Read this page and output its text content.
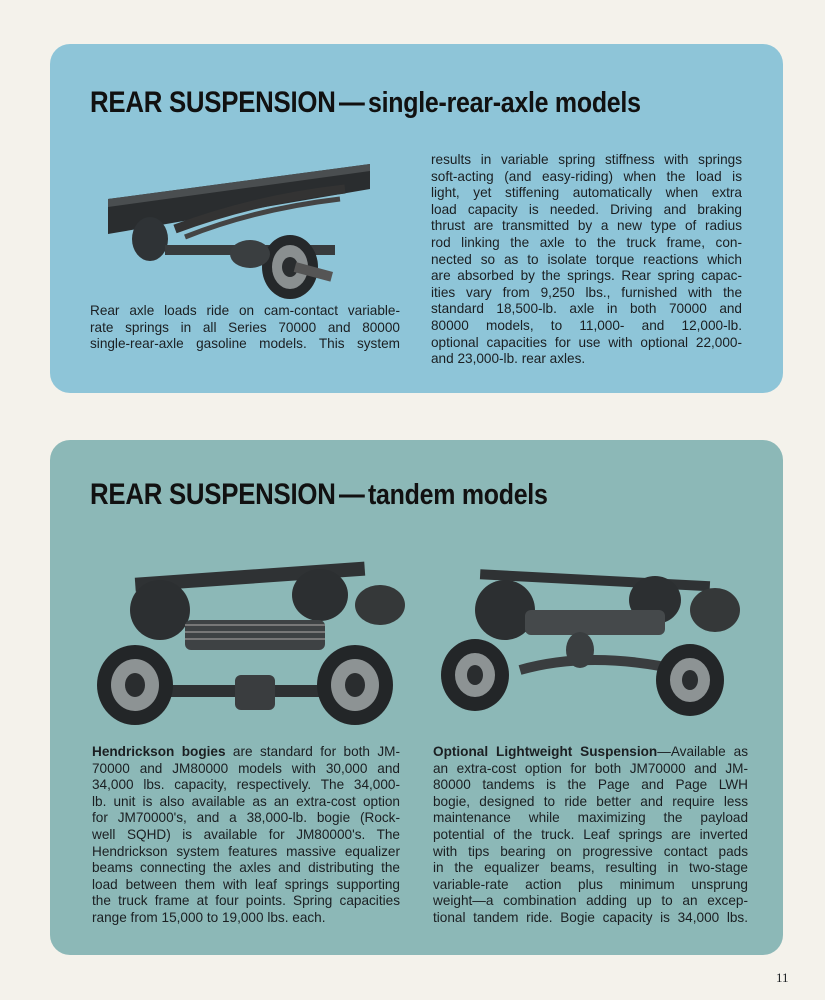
REAR SUSPENSION — single-rear-axle models
Rear axle loads ride on cam-contact variable-
rate springs in all Series 70000 and 80000
single-rear-axle gasoline models. This system
results in variable spring stiffness with springs
soft-acting (and easy-riding) when the load is
light, yet stiffening automatically when extra
load capacity is needed. Driving and braking
thrust are transmitted by a new type of radius
rod linking the axle to the truck frame, con-
nected so as to isolate torque reactions which
are absorbed by the springs. Rear spring capac-
ities vary from 9,250 lbs., furnished with the
standard 18,500-lb. axle in both 70000 and
80000 models, to 11,000- and 12,000-lb.
optional capacities for use with optional 22,000-
and 23,000-lb. rear axles.
REAR SUSPENSION — tandem models
Hendrickson bogies are standard for both JM-
70000 and JM80000 models with 30,000 and
34,000 lbs. capacity, respectively. The 34,000-
lb. unit is also available as an extra-cost option
for JM70000's, and a 38,000-lb. bogie (Rock-
well SQHD) is available for JM80000's. The
Hendrickson system features massive equalizer
beams connecting the axles and distributing the
load between them with leaf springs supporting
the truck frame at four points. Spring capacities
range from 15,000 to 19,000 lbs. each.
Optional Lightweight Suspension—Available as
an extra-cost option for both JM70000 and JM-
80000 tandems is the Page and Page LWH
bogie, designed to ride better and require less
maintenance while maximizing the payload
potential of the truck. Leaf springs are inverted
with tips bearing on progressive contact pads
in the equalizer beams, resulting in two-stage
variable-rate action plus minimum unsprung
weight—a combination adding up to an excep-
tional tandem ride. Bogie capacity is 34,000 lbs.
11
